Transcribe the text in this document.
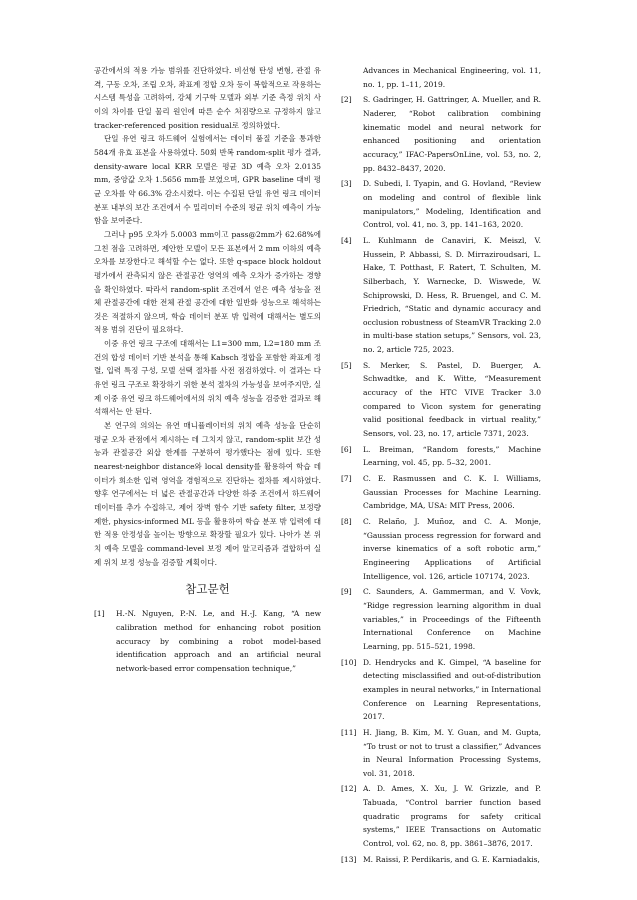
공간에서의 적용 가능 범위를 진단하였다. 비선형 탄성 변형, 관절 유격, 구동 오차, 조립 오차, 좌표계 정합 오차 등이 복합적으로 작용하는 시스템 특성을 고려하여, 강체 기구학 모델과 외부 기준 측정 위치 사이의 차이를 단일 물리 원인에 따른 순수 처짐량으로 규정하지 않고 tracker-referenced position residual로 정의하였다.

단일 유연 링크 하드웨어 실험에서는 데이터 품질 기준을 통과한 584개 유효 표본을 사용하였다. 50회 반복 random-split 평가 결과, density-aware local KRR 모델은 평균 3D 예측 오차 2.0135 mm, 중앙값 오차 1.5656 mm를 보였으며, GPR baseline 대비 평균 오차를 약 66.3% 감소시켰다. 이는 수집된 단일 유연 링크 데이터 분포 내부의 보간 조건에서 수 밀리미터 수준의 평균 위치 예측이 가능함을 보여준다.

그러나 p95 오차가 5.0003 mm이고 pass@2mm가 62.68%에 그친 점을 고려하면, 제안한 모델이 모든 표본에서 2 mm 이하의 예측 오차를 보장한다고 해석할 수는 없다. 또한 q-space block holdout 평가에서 관측되지 않은 관절공간 영역의 예측 오차가 증가하는 경향을 확인하였다. 따라서 random-split 조건에서 얻은 예측 성능을 전체 관절공간에 대한 전체 관절 공간에 대한 일반화 성능으로 해석하는 것은 적절하지 않으며, 학습 데이터 분포 밖 입력에 대해서는 별도의 적용 범위 진단이 필요하다.

이중 유연 링크 구조에 대해서는 L1=300 mm, L2=180 mm 조건의 합성 데이터 기반 분석을 통해 Kabsch 정합을 포함한 좌표계 정렬, 입력 특징 구성, 모델 선택 절차를 사전 점검하였다. 이 결과는 다유연 링크 구조로 확장하기 위한 분석 절차의 가능성을 보여주지만, 실제 이중 유연 링크 하드웨어에서의 위치 예측 성능을 검증한 결과로 해석해서는 안 된다.

본 연구의 의의는 유연 매니퓰레이터의 위치 예측 성능을 단순히 평균 오차 관점에서 제시하는 데 그치지 않고, random-split 보간 성능과 관절공간 외삽 한계를 구분하여 평가했다는 점에 있다. 또한 nearest-neighbor distance와 local density를 활용하여 학습 데이터가 희소한 입력 영역을 경험적으로 진단하는 절차를 제시하였다. 향후 연구에서는 더 넓은 관절공간과 다양한 하중 조건에서 하드웨어 데이터를 추가 수집하고, 제어 장벽 함수 기반 safety filter, 보정량 제한, physics-informed ML 등을 활용하여 학습 분포 밖 입력에 대한 적용 안정성을 높이는 방향으로 확장할 필요가 있다. 나아가 본 위치 예측 모델을 command-level 보정 제어 알고리즘과 결합하여 실제 위치 보정 성능을 검증할 계획이다.

참고문헌
[1]	H.-N. Nguyen, P.-N. Le, and H.-J. Kang, “A new calibration method for enhancing robot position accuracy by combining a robot model-based identification approach and an artificial neural network-based error compensation technique,”
Advances in Mechanical Engineering, vol. 11, no. 1, pp. 1–11, 2019.
[2]	S. Gadringer, H. Gattringer, A. Mueller, and R. Naderer, “Robot calibration combining kinematic model and neural network for enhanced positioning and orientation accuracy,” IFAC-PapersOnLine, vol. 53, no. 2, pp. 8432–8437, 2020.
[3]	D. Subedi, I. Tyapin, and G. Hovland, “Review on modeling and control of flexible link manipulators,” Modeling, Identification and Control, vol. 41, no. 3, pp. 141–163, 2020.
[4]	L. Kuhlmann de Canaviri, K. Meiszl, V. Hussein, P. Abbassi, S. D. Mirraziroudsari, L. Hake, T. Potthast, F. Ratert, T. Schulten, M. Silberbach, Y. Warnecke, D. Wiswede, W. Schiprowski, D. Hess, R. Bruengel, and C. M. Friedrich, “Static and dynamic accuracy and occlusion robustness of SteamVR Tracking 2.0 in multi-base station setups,” Sensors, vol. 23, no. 2, article 725, 2023.
[5]	S. Merker, S. Pastel, D. Buerger, A. Schwadtke, and K. Witte, “Measurement accuracy of the HTC VIVE Tracker 3.0 compared to Vicon system for generating valid positional feedback in virtual reality,” Sensors, vol. 23, no. 17, article 7371, 2023.
[6]	L. Breiman, “Random forests,” Machine Learning, vol. 45, pp. 5–32, 2001.
[7]	C. E. Rasmussen and C. K. I. Williams, Gaussian Processes for Machine Learning. Cambridge, MA, USA: MIT Press, 2006.
[8]	C. Relaño, J. Muñoz, and C. A. Monje, “Gaussian process regression for forward and inverse kinematics of a soft robotic arm,” Engineering Applications of Artificial Intelligence, vol. 126, article 107174, 2023.
[9]	C. Saunders, A. Gammerman, and V. Vovk, “Ridge regression learning algorithm in dual variables,” in Proceedings of the Fifteenth International Conference on Machine Learning, pp. 515–521, 1998.
[10] D. Hendrycks and K. Gimpel, “A baseline for detecting misclassified and out-of-distribution examples in neural networks,” in International Conference on Learning Representations, 2017.
[11] H. Jiang, B. Kim, M. Y. Guan, and M. Gupta, “To trust or not to trust a classifier,” Advances in Neural Information Processing Systems, vol. 31, 2018.
[12] A. D. Ames, X. Xu, J. W. Grizzle, and P. Tabuada, “Control barrier function based quadratic programs for safety critical systems,” IEEE Transactions on Automatic Control, vol. 62, no. 8, pp. 3861–3876, 2017.
[13] M. Raissi, P. Perdikaris, and G. E. Karniadakis,
